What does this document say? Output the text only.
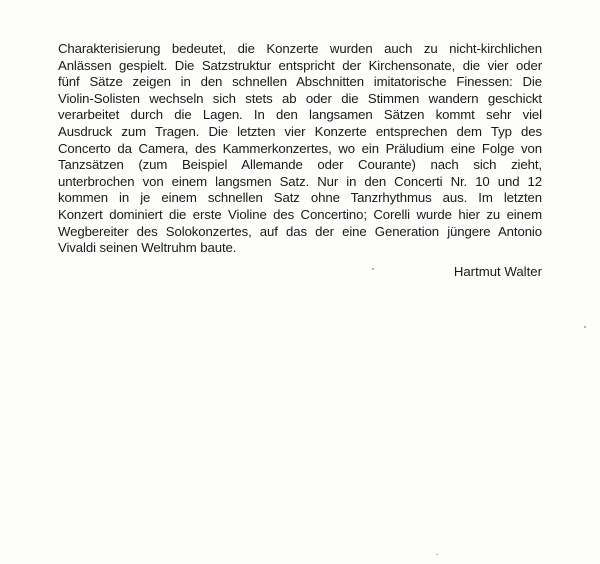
Charakterisierung bedeutet, die Konzerte wurden auch zu nicht-kirchlichen
Anlässen gespielt. Die Satzstruktur entspricht der Kirchensonate, die vier oder
fünf Sätze zeigen in den schnellen Abschnitten imitatorische Finessen: Die
Violin-Solisten wechseln sich stets ab oder die Stimmen wandern geschickt
verarbeitet durch die Lagen. In den langsamen Sätzen kommt sehr viel
Ausdruck zum Tragen. Die letzten vier Konzerte entsprechen dem Typ des
Concerto da Camera, des Kammerkonzertes, wo ein Präludium eine Folge von
Tanzsätzen (zum Beispiel Allemande oder Courante) nach sich zieht,
unterbrochen von einem langsmen Satz. Nur in den Concerti Nr. 10 und 12
kommen in je einem schnellen Satz ohne Tanzrhythmus aus. Im letzten
Konzert dominiert die erste Violine des Concertino; Corelli wurde hier zu einem
Wegbereiter des Solokonzertes, auf das der eine Generation jüngere Antonio
Vivaldi seinen Weltruhm baute.
Hartmut Walter
